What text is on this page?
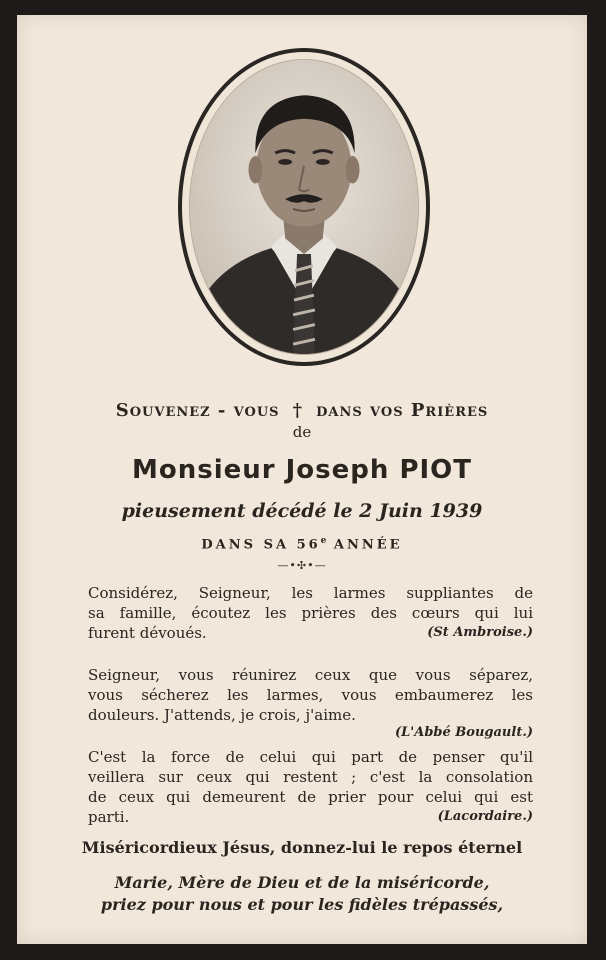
Souvenez - vous † dans vos Prières
de
Monsieur Joseph PIOT
pieusement décédé le 2 Juin 1939
DANS SA 56e ANNÉE
—•✣•—
Considérez, Seigneur, les larmes suppliantes de
sa famille, écoutez les prières des cœurs qui lui
furent dévoués.	(St Ambroise.)
Seigneur, vous réunirez ceux que vous séparez,
vous sécherez les larmes, vous embaumerez les
douleurs. J'attends, je crois, j'aime.
(L'Abbé Bougault.)
C'est la force de celui qui part de penser qu'il
veillera sur ceux qui restent ; c'est la consolation
de ceux qui demeurent de prier pour celui qui est
parti.	(Lacordaire.)
Miséricordieux Jésus, donnez-lui le repos éternel
Marie, Mère de Dieu et de la miséricorde,
priez pour nous et pour les fidèles trépassés,
